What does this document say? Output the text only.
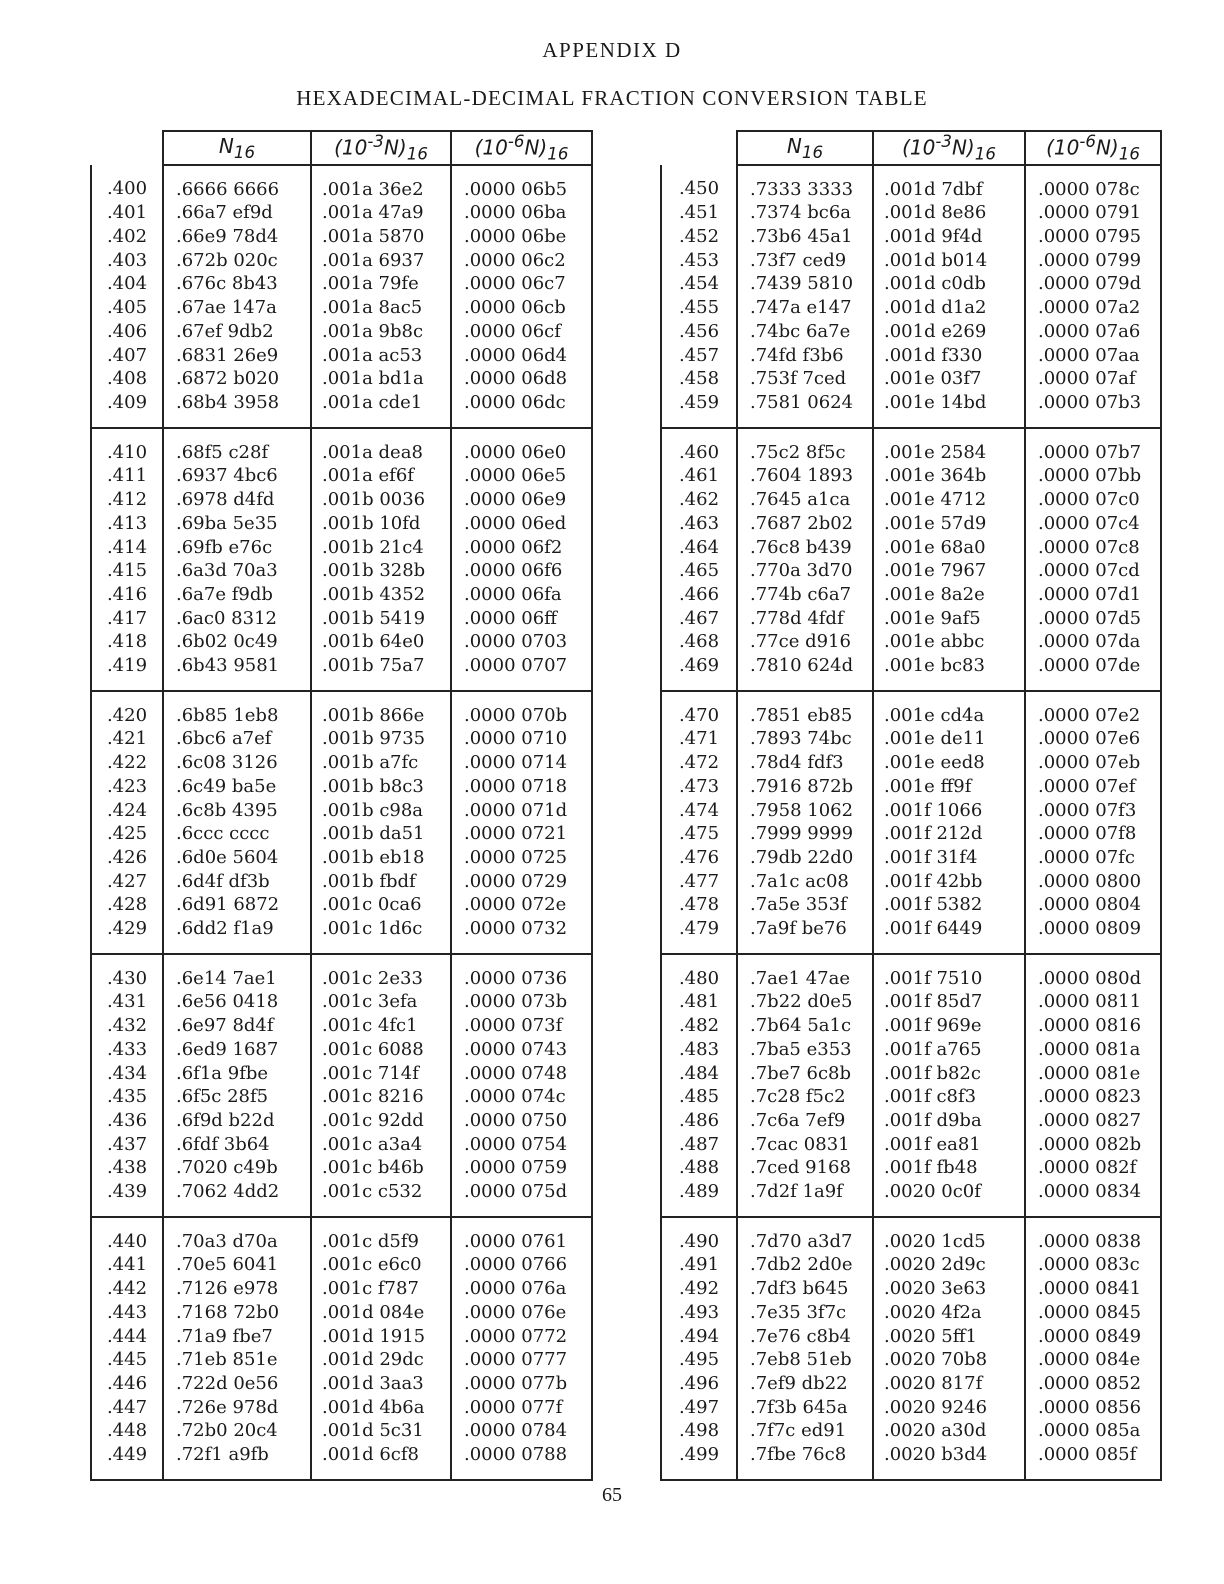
APPENDIX D
HEXADECIMAL-DECIMAL FRACTION CONVERSION TABLE
	$N_{16}$	$(10^{-3}N)_{16}$	$(10^{-6}N)_{16}$
.400	.6666 6666	.001a 36e2	.0000 06b5
.401	.66a7 ef9d	.001a 47a9	.0000 06ba
.402	.66e9 78d4	.001a 5870	.0000 06be
.403	.672b 020c	.001a 6937	.0000 06c2
.404	.676c 8b43	.001a 79fe	.0000 06c7
.405	.67ae 147a	.001a 8ac5	.0000 06cb
.406	.67ef 9db2	.001a 9b8c	.0000 06cf
.407	.6831 26e9	.001a ac53	.0000 06d4
.408	.6872 b020	.001a bd1a	.0000 06d8
.409	.68b4 3958	.001a cde1	.0000 06dc
.410	.68f5 c28f	.001a dea8	.0000 06e0
.411	.6937 4bc6	.001a ef6f	.0000 06e5
.412	.6978 d4fd	.001b 0036	.0000 06e9
.413	.69ba 5e35	.001b 10fd	.0000 06ed
.414	.69fb e76c	.001b 21c4	.0000 06f2
.415	.6a3d 70a3	.001b 328b	.0000 06f6
.416	.6a7e f9db	.001b 4352	.0000 06fa
.417	.6ac0 8312	.001b 5419	.0000 06ff
.418	.6b02 0c49	.001b 64e0	.0000 0703
.419	.6b43 9581	.001b 75a7	.0000 0707
.420	.6b85 1eb8	.001b 866e	.0000 070b
.421	.6bc6 a7ef	.001b 9735	.0000 0710
.422	.6c08 3126	.001b a7fc	.0000 0714
.423	.6c49 ba5e	.001b b8c3	.0000 0718
.424	.6c8b 4395	.001b c98a	.0000 071d
.425	.6ccc cccc	.001b da51	.0000 0721
.426	.6d0e 5604	.001b eb18	.0000 0725
.427	.6d4f df3b	.001b fbdf	.0000 0729
.428	.6d91 6872	.001c 0ca6	.0000 072e
.429	.6dd2 f1a9	.001c 1d6c	.0000 0732
.430	.6e14 7ae1	.001c 2e33	.0000 0736
.431	.6e56 0418	.001c 3efa	.0000 073b
.432	.6e97 8d4f	.001c 4fc1	.0000 073f
.433	.6ed9 1687	.001c 6088	.0000 0743
.434	.6f1a 9fbe	.001c 714f	.0000 0748
.435	.6f5c 28f5	.001c 8216	.0000 074c
.436	.6f9d b22d	.001c 92dd	.0000 0750
.437	.6fdf 3b64	.001c a3a4	.0000 0754
.438	.7020 c49b	.001c b46b	.0000 0759
.439	.7062 4dd2	.001c c532	.0000 075d
.440	.70a3 d70a	.001c d5f9	.0000 0761
.441	.70e5 6041	.001c e6c0	.0000 0766
.442	.7126 e978	.001c f787	.0000 076a
.443	.7168 72b0	.001d 084e	.0000 076e
.444	.71a9 fbe7	.001d 1915	.0000 0772
.445	.71eb 851e	.001d 29dc	.0000 0777
.446	.722d 0e56	.001d 3aa3	.0000 077b
.447	.726e 978d	.001d 4b6a	.0000 077f
.448	.72b0 20c4	.001d 5c31	.0000 0784
.449	.72f1 a9fb	.001d 6cf8	.0000 0788
	$N_{16}$	$(10^{-3}N)_{16}$	$(10^{-6}N)_{16}$
.450	.7333 3333	.001d 7dbf	.0000 078c
.451	.7374 bc6a	.001d 8e86	.0000 0791
.452	.73b6 45a1	.001d 9f4d	.0000 0795
.453	.73f7 ced9	.001d b014	.0000 0799
.454	.7439 5810	.001d c0db	.0000 079d
.455	.747a e147	.001d d1a2	.0000 07a2
.456	.74bc 6a7e	.001d e269	.0000 07a6
.457	.74fd f3b6	.001d f330	.0000 07aa
.458	.753f 7ced	.001e 03f7	.0000 07af
.459	.7581 0624	.001e 14bd	.0000 07b3
.460	.75c2 8f5c	.001e 2584	.0000 07b7
.461	.7604 1893	.001e 364b	.0000 07bb
.462	.7645 a1ca	.001e 4712	.0000 07c0
.463	.7687 2b02	.001e 57d9	.0000 07c4
.464	.76c8 b439	.001e 68a0	.0000 07c8
.465	.770a 3d70	.001e 7967	.0000 07cd
.466	.774b c6a7	.001e 8a2e	.0000 07d1
.467	.778d 4fdf	.001e 9af5	.0000 07d5
.468	.77ce d916	.001e abbc	.0000 07da
.469	.7810 624d	.001e bc83	.0000 07de
.470	.7851 eb85	.001e cd4a	.0000 07e2
.471	.7893 74bc	.001e de11	.0000 07e6
.472	.78d4 fdf3	.001e eed8	.0000 07eb
.473	.7916 872b	.001e ff9f	.0000 07ef
.474	.7958 1062	.001f 1066	.0000 07f3
.475	.7999 9999	.001f 212d	.0000 07f8
.476	.79db 22d0	.001f 31f4	.0000 07fc
.477	.7a1c ac08	.001f 42bb	.0000 0800
.478	.7a5e 353f	.001f 5382	.0000 0804
.479	.7a9f be76	.001f 6449	.0000 0809
.480	.7ae1 47ae	.001f 7510	.0000 080d
.481	.7b22 d0e5	.001f 85d7	.0000 0811
.482	.7b64 5a1c	.001f 969e	.0000 0816
.483	.7ba5 e353	.001f a765	.0000 081a
.484	.7be7 6c8b	.001f b82c	.0000 081e
.485	.7c28 f5c2	.001f c8f3	.0000 0823
.486	.7c6a 7ef9	.001f d9ba	.0000 0827
.487	.7cac 0831	.001f ea81	.0000 082b
.488	.7ced 9168	.001f fb48	.0000 082f
.489	.7d2f 1a9f	.0020 0c0f	.0000 0834
.490	.7d70 a3d7	.0020 1cd5	.0000 0838
.491	.7db2 2d0e	.0020 2d9c	.0000 083c
.492	.7df3 b645	.0020 3e63	.0000 0841
.493	.7e35 3f7c	.0020 4f2a	.0000 0845
.494	.7e76 c8b4	.0020 5ff1	.0000 0849
.495	.7eb8 51eb	.0020 70b8	.0000 084e
.496	.7ef9 db22	.0020 817f	.0000 0852
.497	.7f3b 645a	.0020 9246	.0000 0856
.498	.7f7c ed91	.0020 a30d	.0000 085a
.499	.7fbe 76c8	.0020 b3d4	.0000 085f
65
